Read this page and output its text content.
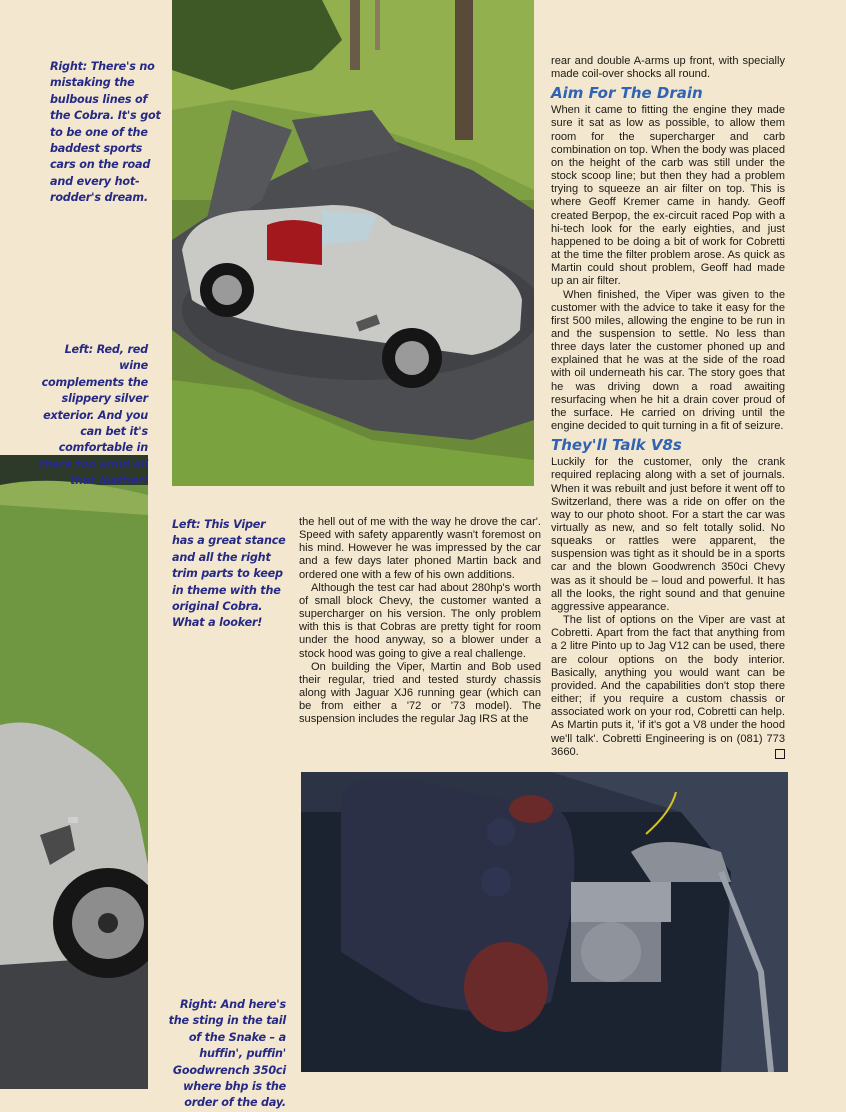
Right: There's no mistaking the bulbous lines of the Cobra. It's got to be one of the baddest sports cars on the road and every hot-rodder's dream.
Left: Red, red wine complements the slippery silver exterior. And you can bet it's comfortable in there too amid all that leather!
Left: This Viper has a great stance and all the right trim parts to keep in theme with the original Cobra. What a looker!
Right: And here's the sting in the tail of the Snake – a huffin', puffin' Goodwrench 350ci where bhp is the order of the day.

the hell out of me with the way he drove the car'. Speed with safety apparently wasn't foremost on his mind. However he was impressed by the car and a few days later phoned Martin back and ordered one with a few of his own additions.

Although the test car had about 280hp's worth of small block Chevy, the customer wanted a supercharger on his version. The only problem with this is that Cobras are pretty tight for room under the hood anyway, so a blower under a stock hood was going to give a real challenge.

On building the Viper, Martin and Bob used their regular, tried and tested sturdy chassis along with Jaguar XJ6 running gear (which can be from either a '72 or '73 model). The suspension includes the regular Jag IRS at the

rear and double A-arms up front, with specially made coil-over shocks all round.

Aim For The Drain

When it came to fitting the engine they made sure it sat as low as possible, to allow them room for the supercharger and carb combination on top. When the body was placed on the height of the carb was still under the stock scoop line; but then they had a problem trying to squeeze an air filter on top. This is where Geoff Kremer came in handy. Geoff created Berpop, the ex-circuit raced Pop with a hi-tech look for the early eighties, and just happened to be doing a bit of work for Cobretti at the time the filter problem arose. As quick as Martin could shout problem, Geoff had made up an air filter.

When finished, the Viper was given to the customer with the advice to take it easy for the first 500 miles, allowing the engine to be run in and the suspension to settle. No less than three days later the customer phoned up and explained that he was at the side of the road with oil underneath his car. The story goes that he was driving down a road awaiting resurfacing when he hit a drain cover proud of the surface. He carried on driving until the engine decided to quit turning in a fit of seizure.

They'll Talk V8s

Luckily for the customer, only the crank required replacing along with a set of journals. When it was rebuilt and just before it went off to Switzerland, there was a ride on offer on the way to our photo shoot. For a start the car was virtually as new, and so felt totally solid. No squeaks or rattles were apparent, the suspension was tight as it should be in a sports car and the blown Goodwrench 350ci Chevy was as it should be – loud and powerful. It has all the looks, the right sound and that genuine aggressive appearance.

The list of options on the Viper are vast at Cobretti. Apart from the fact that anything from a 2 litre Pinto up to Jag V12 can be used, there are colour options on the body interior. Basically, anything you would want can be provided. And the capabilities don't stop there either; if you require a custom chassis or associated work on your rod, Cobretti can help. As Martin puts it, 'if it's got a V8 under the hood we'll talk'. Cobretti Engineering is on (081) 773 3660.
